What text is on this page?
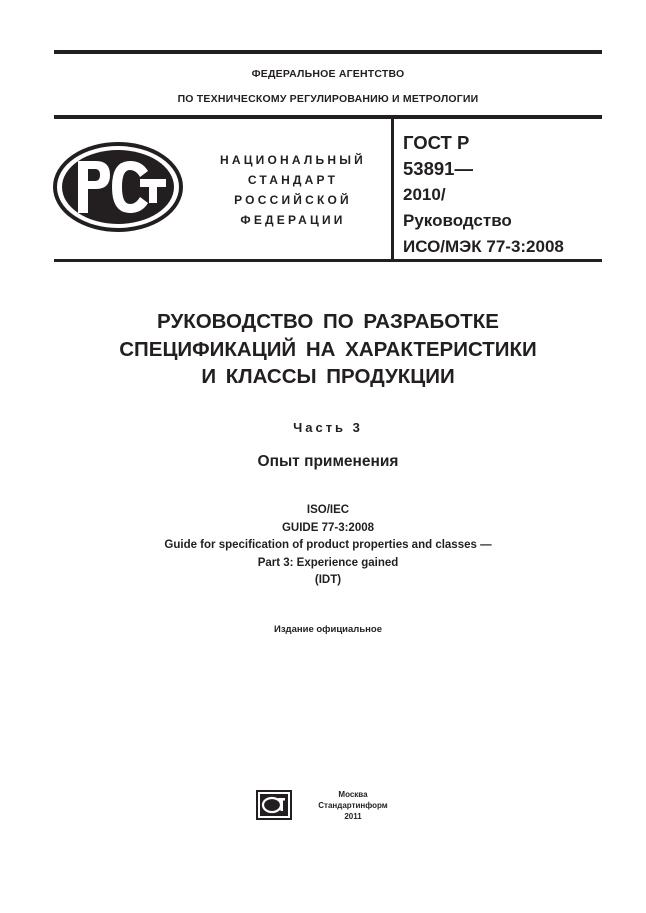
ФЕДЕРАЛЬНОЕ АГЕНТСТВО
ПО ТЕХНИЧЕСКОМУ РЕГУЛИРОВАНИЮ И МЕТРОЛОГИИ
НАЦИОНАЛЬНЫЙ
СТАНДАРТ
РОССИЙСКОЙ
ФЕДЕРАЦИИ
ГОСТ Р
53891—
2010/
Руководство
ИСО/МЭК 77-3:2008
РУКОВОДСТВО ПО РАЗРАБОТКЕ
СПЕЦИФИКАЦИЙ НА ХАРАКТЕРИСТИКИ
И КЛАССЫ ПРОДУКЦИИ
Часть 3
Опыт применения
ISO/IEC
GUIDE 77-3:2008
Guide for specification of product properties and classes —
Part 3: Experience gained
(IDT)
Издание официальное
Москва
Стандартинформ
2011
